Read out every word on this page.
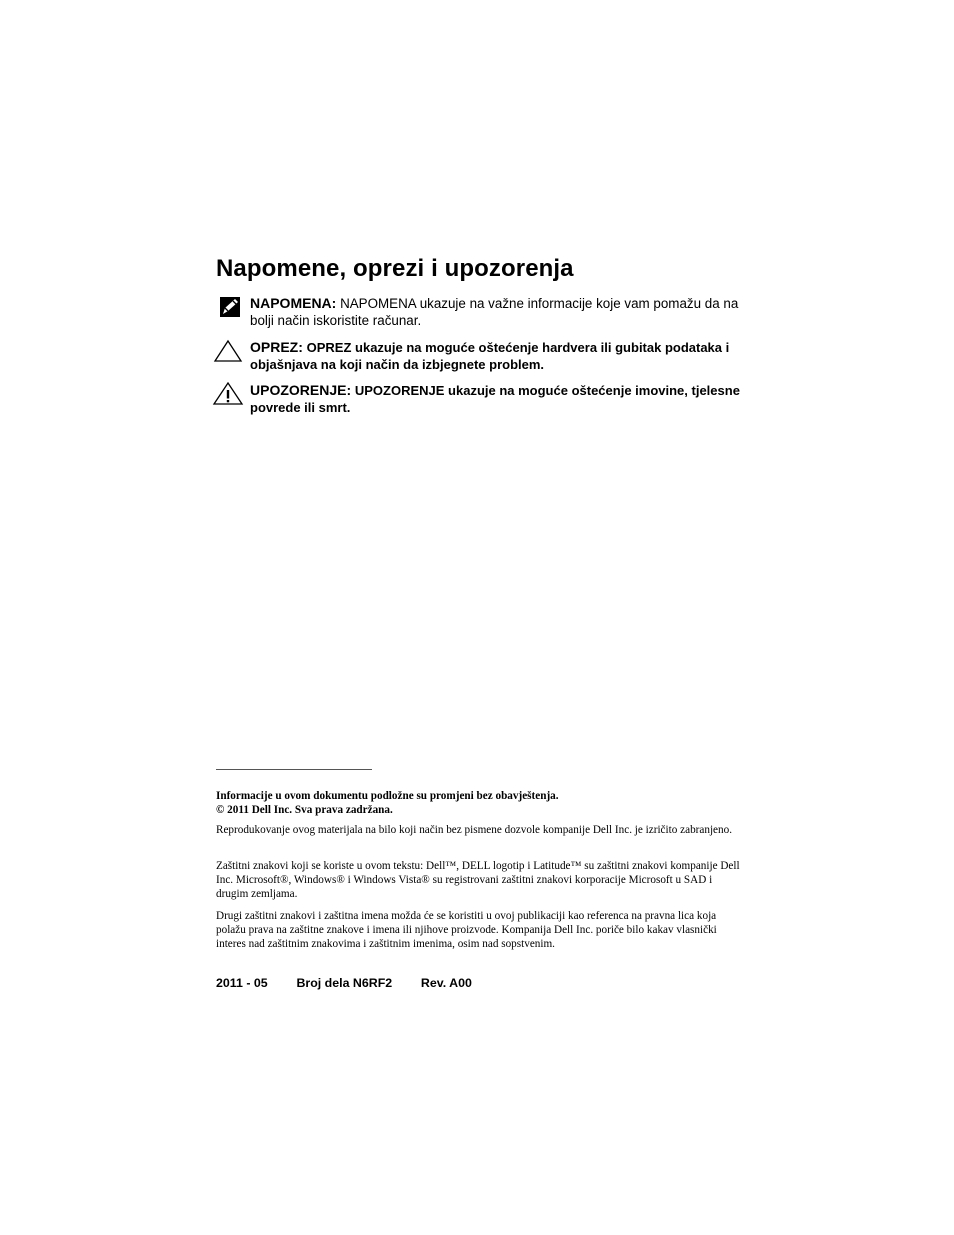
Napomene, oprezi i upozorenja
NAPOMENA: NAPOMENA ukazuje na važne informacije koje vam pomažu da na bolji način iskoristite računar.
OPREZ: OPREZ ukazuje na moguće oštećenje hardvera ili gubitak podataka i objašnjava na koji način da izbjegnete problem.
UPOZORENJE: UPOZORENJE ukazuje na moguće oštećenje imovine, tjelesne povrede ili smrt.

Informacije u ovom dokumentu podložne su promjeni bez obavještenja.

© 2011 Dell Inc. Sva prava zadržana.

Reprodukovanje ovog materijala na bilo koji način bez pismene dozvole kompanije Dell Inc. je izričito zabranjeno.

Zaštitni znakovi koji se koriste u ovom tekstu: Dell™, DELL logotip i Latitude™ su zaštitni znakovi kompanije Dell Inc. Microsoft®, Windows® i Windows Vista® su registrovani zaštitni znakovi korporacije Microsoft u SAD i drugim zemljama.

Drugi zaštitni znakovi i zaštitna imena možda će se koristiti u ovoj publikaciji kao referenca na pravna lica koja polažu prava na zaštitne znakove i imena ili njihove proizvode. Kompanija Dell Inc. poriče bilo kakav vlasnički interes nad zaštitnim znakovima i zaštitnim imenima, osim nad sopstvenim.

2011 - 05 Broj dela N6RF2 Rev. A00
